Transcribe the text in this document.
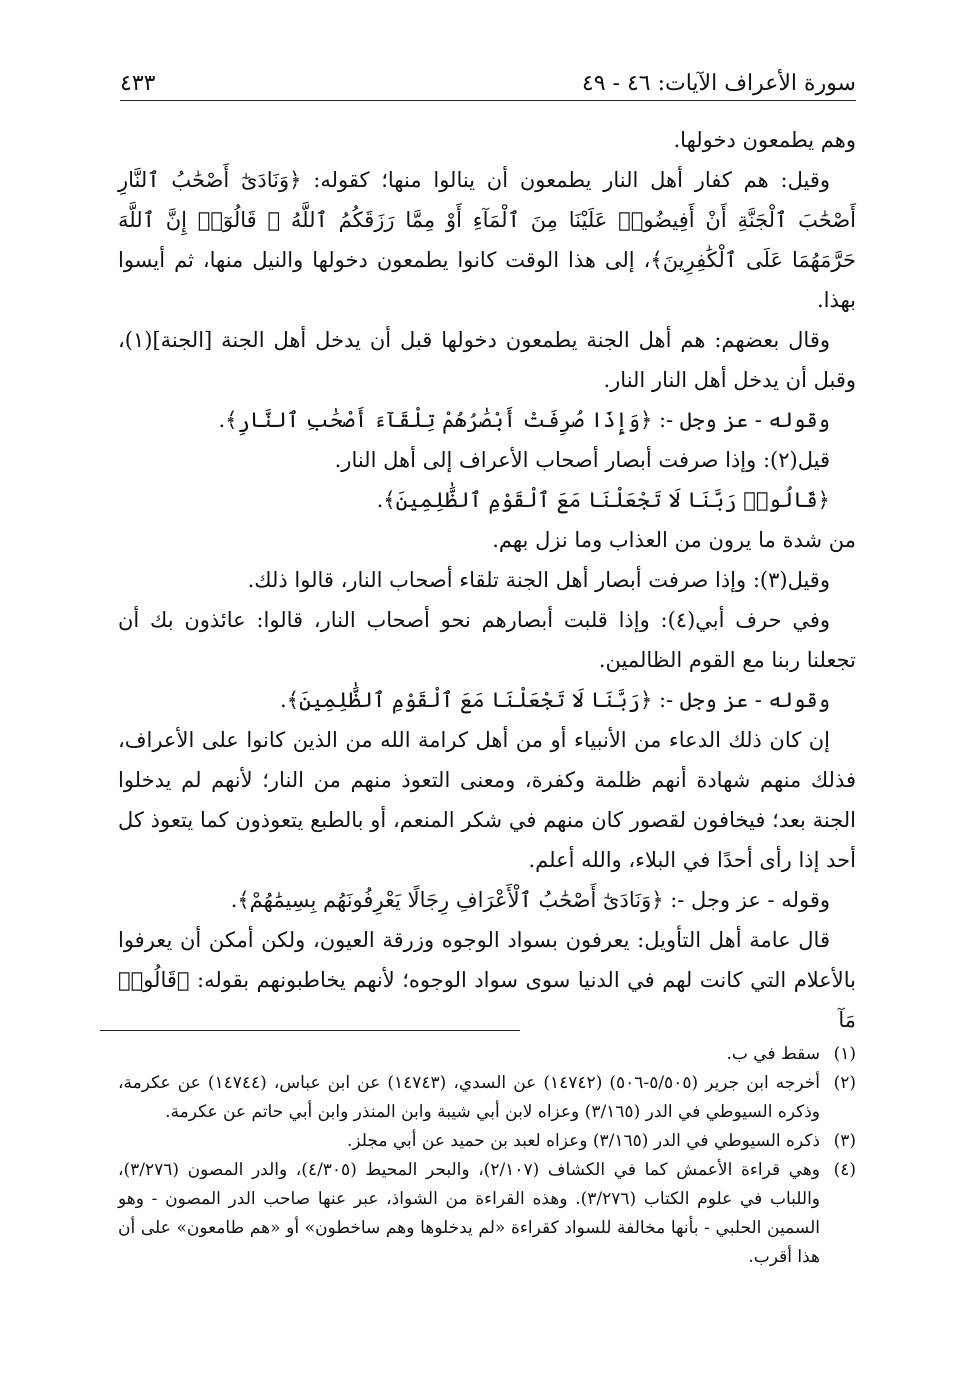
سورة الأعراف الآيات: ٤٦ - ٤٩
٤٣٣

وهم يطمعون دخولها.

وقيل: هم كفار أهل النار يطمعون أن ينالوا منها؛ كقوله: ﴿وَنَادَىٰٓ أَصْحَٰبُ ٱلنَّارِ أَصْحَٰبَ ٱلْجَنَّةِ أَنْ أَفِيضُوا۟ عَلَيْنَا مِنَ ٱلْمَآءِ أَوْ مِمَّا رَزَقَكُمُ ٱللَّهُ ۚ قَالُوٓا۟ إِنَّ ٱللَّهَ حَرَّمَهُمَا عَلَى ٱلْكَٰفِرِينَ﴾، إلى هذا الوقت كانوا يطمعون دخولها والنيل منها، ثم أيسوا بهذا.

وقال بعضهم: هم أهل الجنة يطمعون دخولها قبل أن يدخل أهل الجنة [الجنة](١)، وقبل أن يدخل أهل النار النار.

وقوله - عز وجل -: ﴿وَإِذَا صُرِفَتْ أَبْصَٰرُهُمْ تِلْقَآءَ أَصْحَٰبِ ٱلنَّارِ﴾.

قيل(٢): وإذا صرفت أبصار أصحاب الأعراف إلى أهل النار.

﴿قَالُوا۟ رَبَّنَا لَا تَجْعَلْنَا مَعَ ٱلْقَوْمِ ٱلظَّٰلِمِينَ﴾.

من شدة ما يرون من العذاب وما نزل بهم.

وقيل(٣): وإذا صرفت أبصار أهل الجنة تلقاء أصحاب النار، قالوا ذلك.

وفي حرف أبي(٤): وإذا قلبت أبصارهم نحو أصحاب النار، قالوا: عائذون بك أن تجعلنا ربنا مع القوم الظالمين.

وقوله - عز وجل -: ﴿رَبَّنَا لَا تَجْعَلْنَا مَعَ ٱلْقَوْمِ ٱلظَّٰلِمِينَ﴾.

إن كان ذلك الدعاء من الأنبياء أو من أهل كرامة الله من الذين كانوا على الأعراف، فذلك منهم شهادة أنهم ظلمة وكفرة، ومعنى التعوذ منهم من النار؛ لأنهم لم يدخلوا الجنة بعد؛ فيخافون لقصور كان منهم في شكر المنعم، أو بالطبع يتعوذون كما يتعوذ كل أحد إذا رأى أحدًا في البلاء، والله أعلم.

وقوله - عز وجل -: ﴿وَنَادَىٰٓ أَصْحَٰبُ ٱلْأَعْرَافِ رِجَالًا يَعْرِفُونَهُم بِسِيمَٰهُمْ﴾.

قال عامة أهل التأويل: يعرفون بسواد الوجوه وزرقة العيون، ولكن أمكن أن يعرفوا بالأعلام التي كانت لهم في الدنيا سوى سواد الوجوه؛ لأنهم يخاطبونهم بقوله: ﴿قَالُوا۟ مَآ

(١)
سقط في ب.
(٢)
أخرجه ابن جرير (٥/٥٠٥-٥٠٦) (١٤٧٤٢) عن السدي، (١٤٧٤٣) عن ابن عباس، (١٤٧٤٤) عن عكرمة، وذكره السيوطي في الدر (٣/١٦٥) وعزاه لابن أبي شيبة وابن المنذر وابن أبي حاتم عن عكرمة.
(٣)
ذكره السيوطي في الدر (٣/١٦٥) وعزاه لعبد بن حميد عن أبي مجلز.
(٤)
وهي قراءة الأعمش كما في الكشاف (٢/١٠٧)، والبحر المحيط (٤/٣٠٥)، والدر المصون (٣/٢٧٦)، واللباب في علوم الكتاب (٣/٢٧٦). وهذه القراءة من الشواذ، عبر عنها صاحب الدر المصون - وهو السمين الحلبي - بأنها مخالفة للسواد كقراءة «لم يدخلوها وهم ساخطون» أو «هم طامعون» على أن هذا أقرب.
